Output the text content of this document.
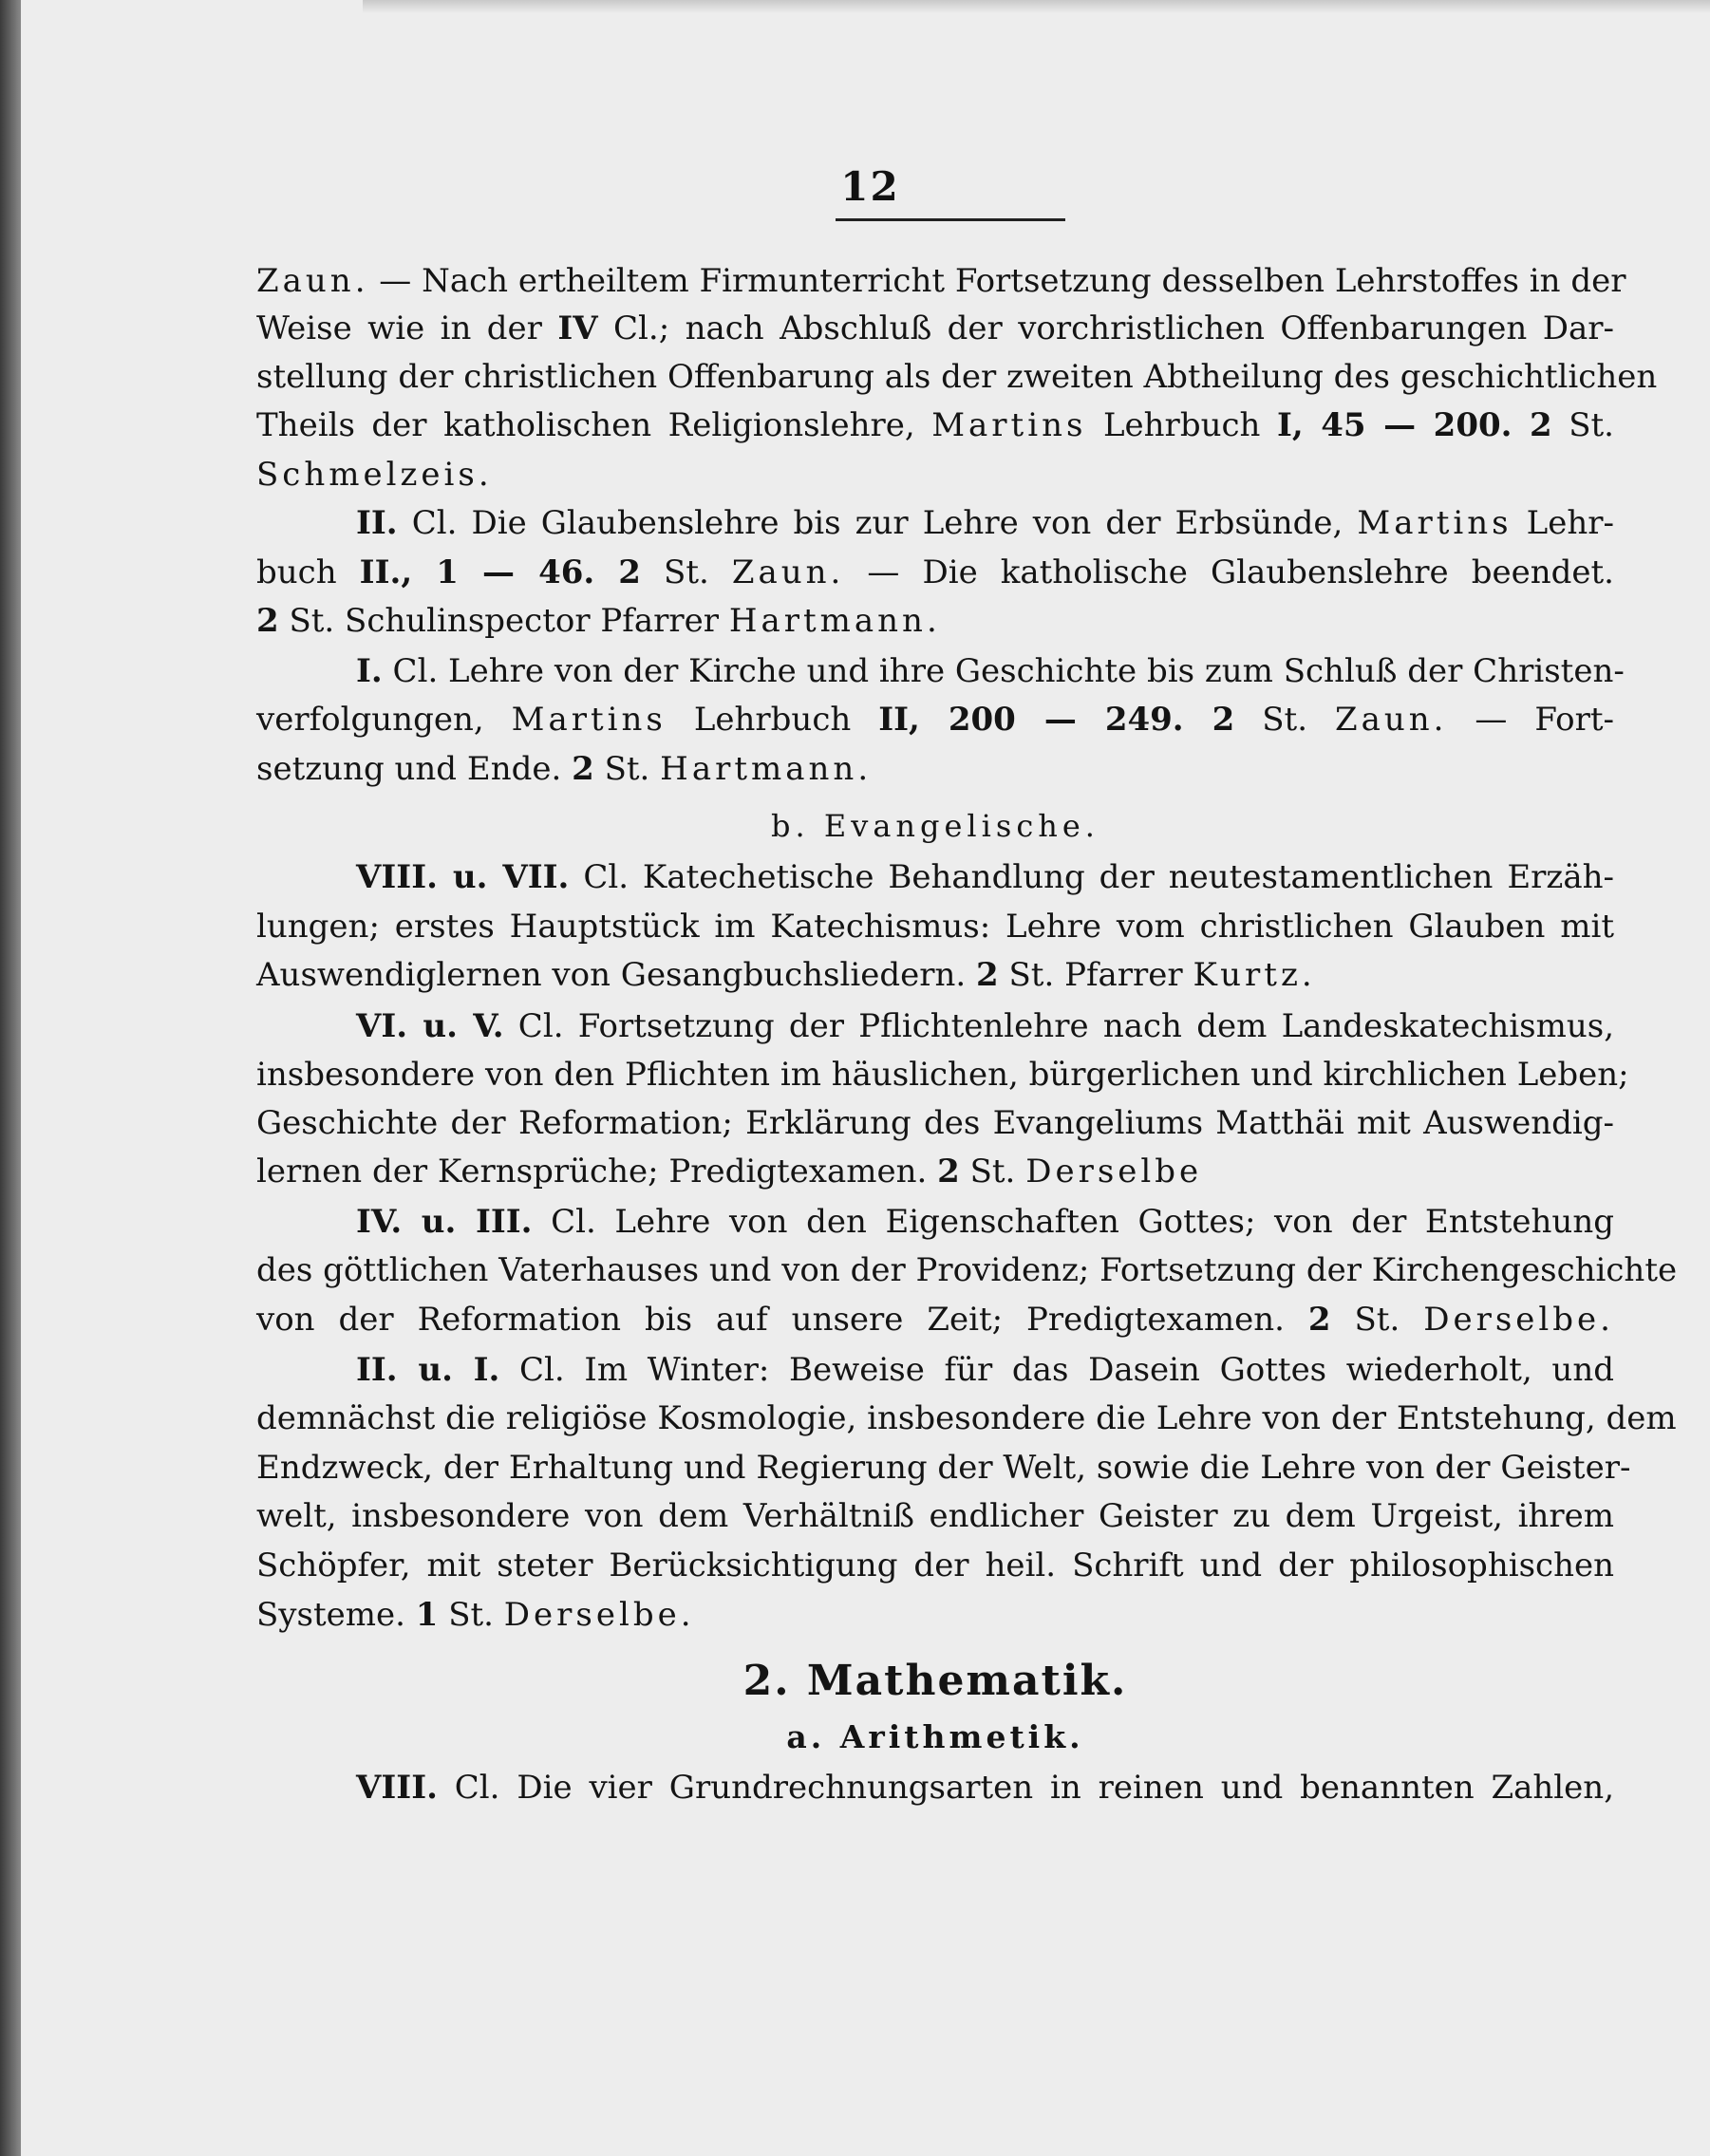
12
Zaun. — Nach ertheiltem Firmunterricht Fortsetzung desselben Lehrstoffes in der
Weise wie in der IV Cl.; nach Abschluß der vorchristlichen Offenbarungen Dar-
stellung der christlichen Offenbarung als der zweiten Abtheilung des geschichtlichen
Theils der katholischen Religionslehre, Martins Lehrbuch I, 45 — 200. 2 St.
Schmelzeis.
II. Cl. Die Glaubenslehre bis zur Lehre von der Erbsünde, Martins Lehr-
buch II., 1 — 46. 2 St. Zaun. — Die katholische Glaubenslehre beendet.
2 St. Schulinspector Pfarrer Hartmann.
I. Cl. Lehre von der Kirche und ihre Geschichte bis zum Schluß der Christen-
verfolgungen, Martins Lehrbuch II, 200 — 249. 2 St. Zaun. — Fort-
setzung und Ende. 2 St. Hartmann.
b. Evangelische.
VIII. u. VII. Cl. Katechetische Behandlung der neutestamentlichen Erzäh-
lungen; erstes Hauptstück im Katechismus: Lehre vom christlichen Glauben mit
Auswendiglernen von Gesangbuchsliedern. 2 St. Pfarrer Kurtz.
VI. u. V. Cl. Fortsetzung der Pflichtenlehre nach dem Landeskatechismus,
insbesondere von den Pflichten im häuslichen, bürgerlichen und kirchlichen Leben;
Geschichte der Reformation; Erklärung des Evangeliums Matthäi mit Auswendig-
lernen der Kernsprüche; Predigtexamen. 2 St. Derselbe
IV. u. III. Cl. Lehre von den Eigenschaften Gottes; von der Entstehung
des göttlichen Vaterhauses und von der Providenz; Fortsetzung der Kirchengeschichte
von der Reformation bis auf unsere Zeit; Predigtexamen. 2 St. Derselbe.
II. u. I. Cl. Im Winter: Beweise für das Dasein Gottes wiederholt, und
demnächst die religiöse Kosmologie, insbesondere die Lehre von der Entstehung, dem
Endzweck, der Erhaltung und Regierung der Welt, sowie die Lehre von der Geister-
welt, insbesondere von dem Verhältniß endlicher Geister zu dem Urgeist, ihrem
Schöpfer, mit steter Berücksichtigung der heil. Schrift und der philosophischen
Systeme. 1 St. Derselbe.
2. Mathematik.
a. Arithmetik.
VIII. Cl. Die vier Grundrechnungsarten in reinen und benannten Zahlen,
